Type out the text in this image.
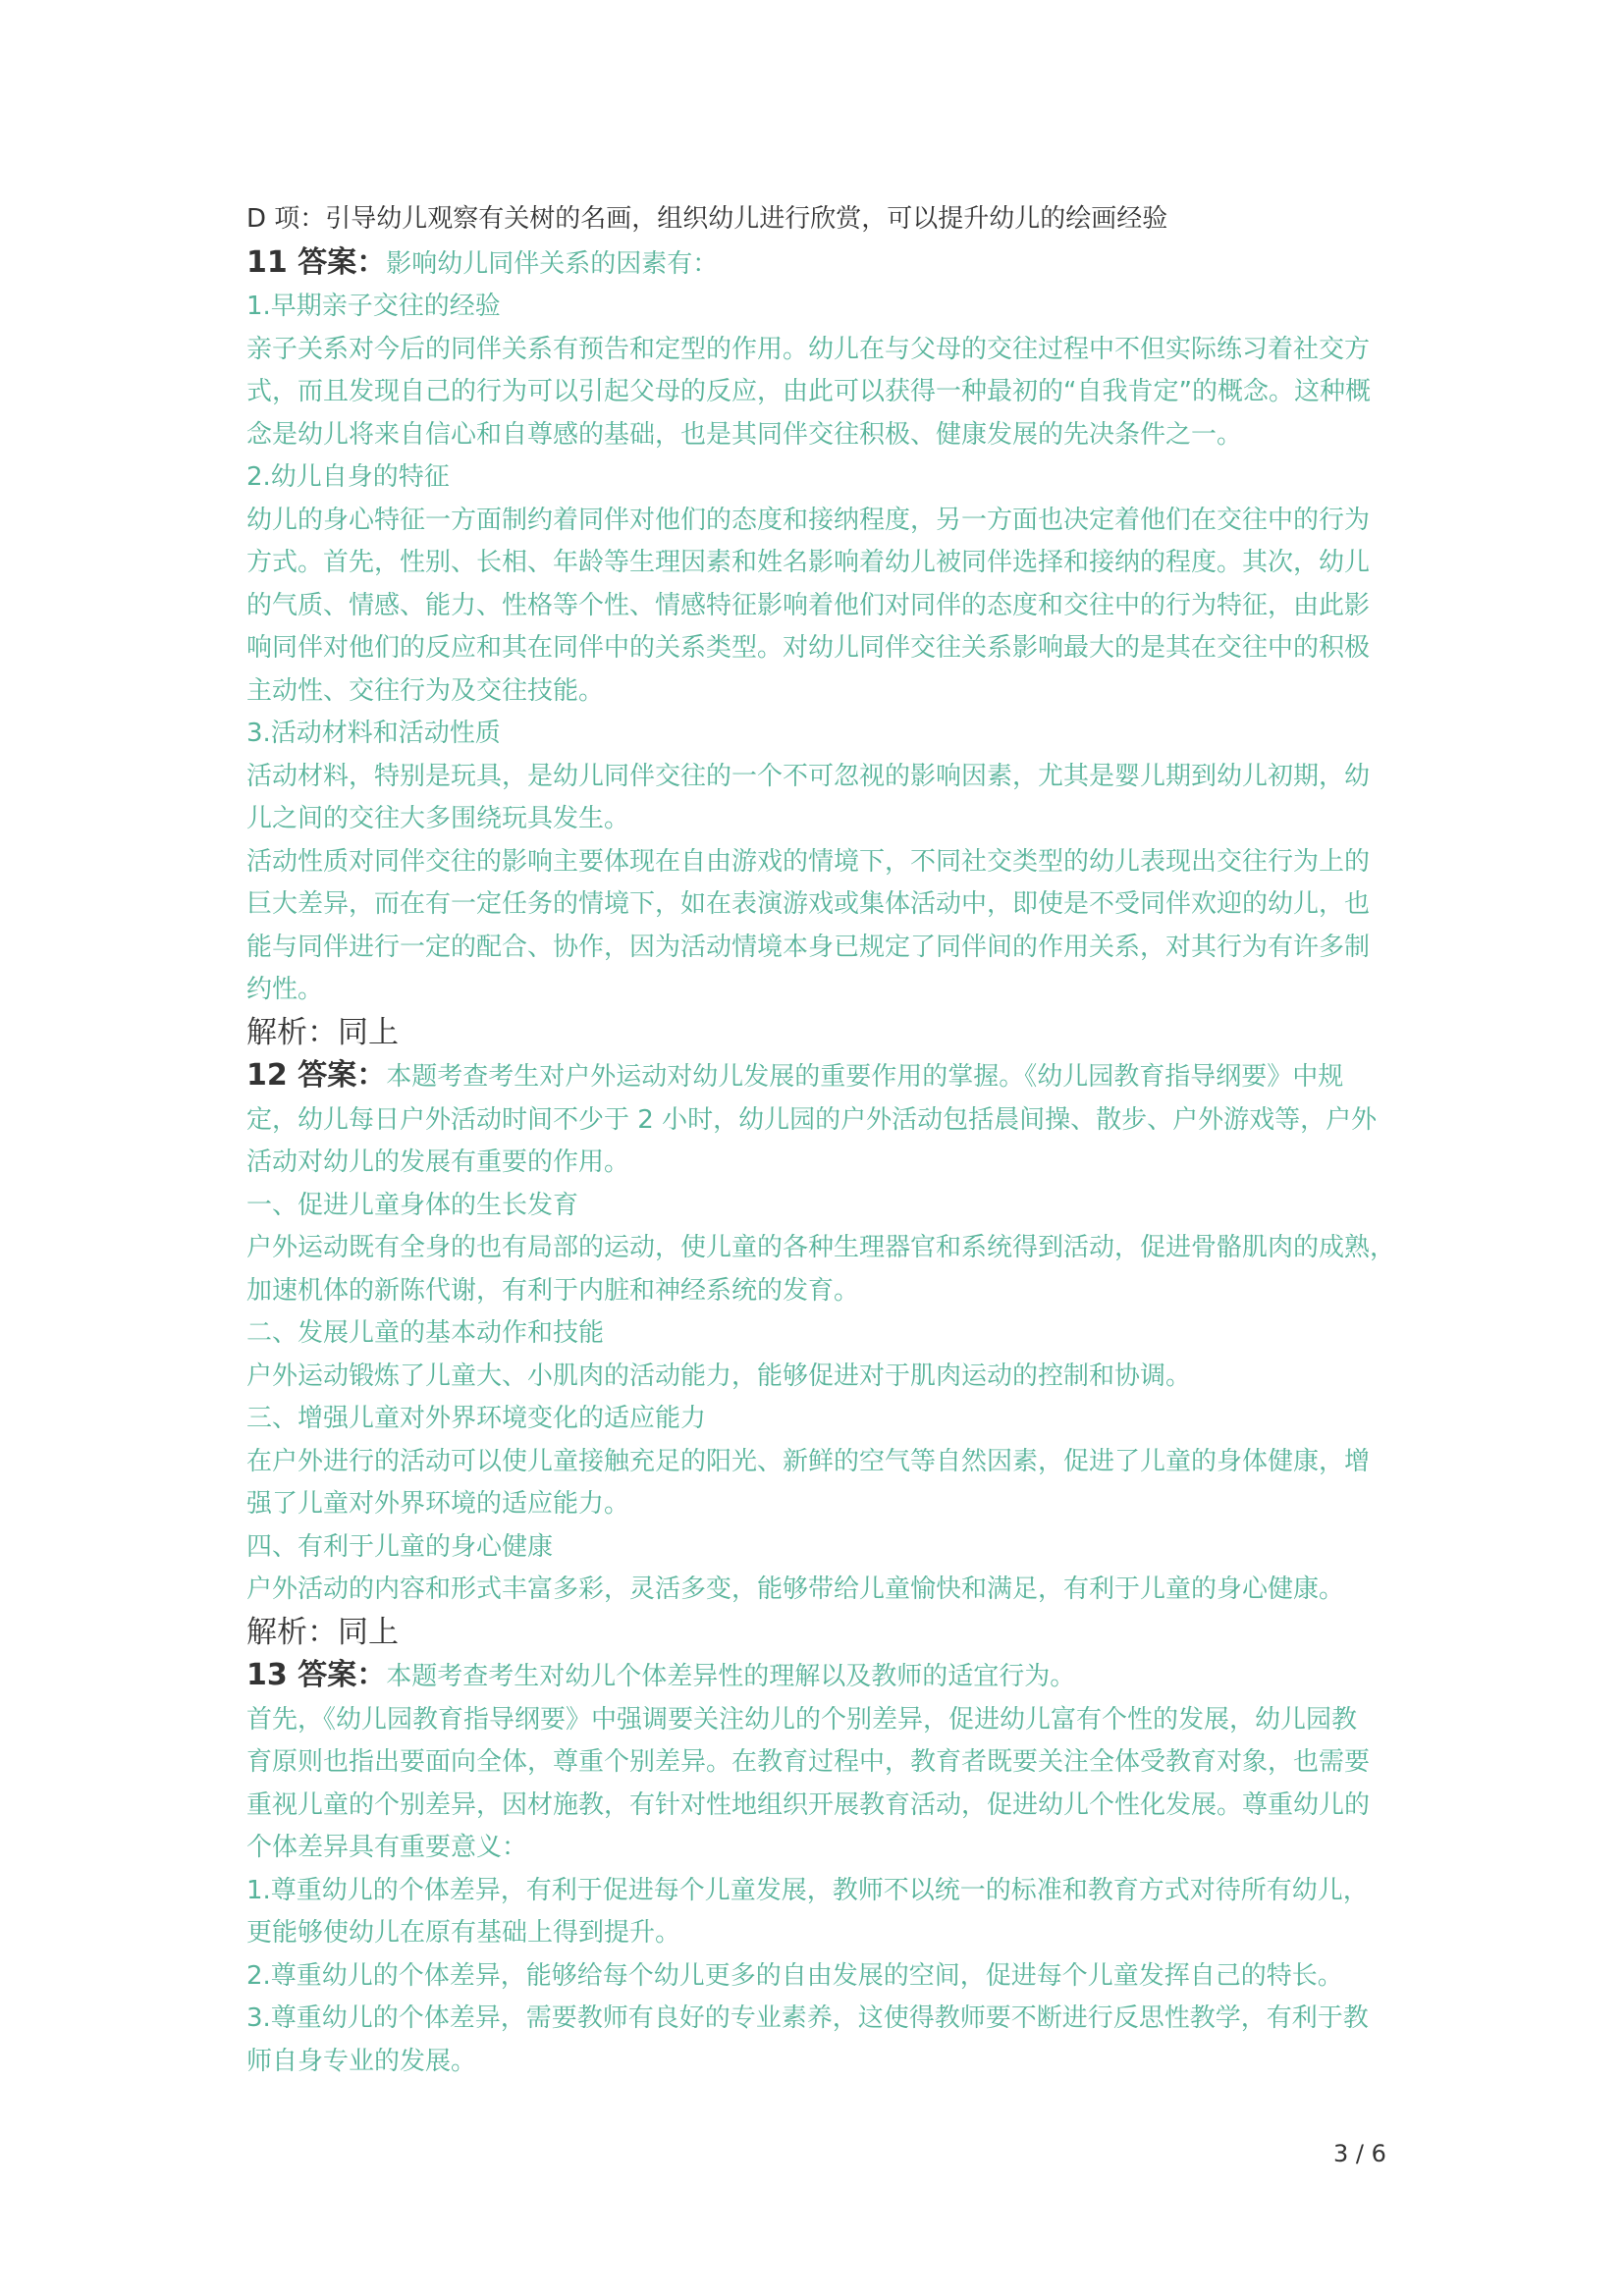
D 项：引导幼儿观察有关树的名画，组织幼儿进行欣赏，可以提升幼儿的绘画经验

11 答案：影响幼儿同伴关系的因素有：

1.早期亲子交往的经验

亲子关系对今后的同伴关系有预告和定型的作用。幼儿在与父母的交往过程中不但实际练习着社交方

式，而且发现自己的行为可以引起父母的反应，由此可以获得一种最初的“自我肯定”的概念。这种概

念是幼儿将来自信心和自尊感的基础，也是其同伴交往积极、健康发展的先决条件之一。

2.幼儿自身的特征

幼儿的身心特征一方面制约着同伴对他们的态度和接纳程度，另一方面也决定着他们在交往中的行为

方式。首先，性别、长相、年龄等生理因素和姓名影响着幼儿被同伴选择和接纳的程度。其次，幼儿

的气质、情感、能力、性格等个性、情感特征影响着他们对同伴的态度和交往中的行为特征，由此影

响同伴对他们的反应和其在同伴中的关系类型。对幼儿同伴交往关系影响最大的是其在交往中的积极

主动性、交往行为及交往技能。

3.活动材料和活动性质

活动材料，特别是玩具，是幼儿同伴交往的一个不可忽视的影响因素，尤其是婴儿期到幼儿初期，幼

儿之间的交往大多围绕玩具发生。

活动性质对同伴交往的影响主要体现在自由游戏的情境下，不同社交类型的幼儿表现出交往行为上的

巨大差异，而在有一定任务的情境下，如在表演游戏或集体活动中，即使是不受同伴欢迎的幼儿，也

能与同伴进行一定的配合、协作，因为活动情境本身已规定了同伴间的作用关系，对其行为有许多制

约性。

解析：同上

12 答案：本题考查考生对户外运动对幼儿发展的重要作用的掌握。《幼儿园教育指导纲要》中规

定，幼儿每日户外活动时间不少于 2 小时，幼儿园的户外活动包括晨间操、散步、户外游戏等，户外

活动对幼儿的发展有重要的作用。

一、促进儿童身体的生长发育

户外运动既有全身的也有局部的运动，使儿童的各种生理器官和系统得到活动，促进骨骼肌肉的成熟，

加速机体的新陈代谢，有利于内脏和神经系统的发育。

二、发展儿童的基本动作和技能

户外运动锻炼了儿童大、小肌肉的活动能力，能够促进对于肌肉运动的控制和协调。

三、增强儿童对外界环境变化的适应能力

在户外进行的活动可以使儿童接触充足的阳光、新鲜的空气等自然因素，促进了儿童的身体健康，增

强了儿童对外界环境的适应能力。

四、有利于儿童的身心健康

户外活动的内容和形式丰富多彩，灵活多变，能够带给儿童愉快和满足，有利于儿童的身心健康。

解析：同上

13 答案：本题考查考生对幼儿个体差异性的理解以及教师的适宜行为。

首先，《幼儿园教育指导纲要》中强调要关注幼儿的个别差异，促进幼儿富有个性的发展，幼儿园教

育原则也指出要面向全体，尊重个别差异。在教育过程中，教育者既要关注全体受教育对象，也需要

重视儿童的个别差异，因材施教，有针对性地组织开展教育活动，促进幼儿个性化发展。尊重幼儿的

个体差异具有重要意义：

1.尊重幼儿的个体差异，有利于促进每个儿童发展，教师不以统一的标准和教育方式对待所有幼儿，

更能够使幼儿在原有基础上得到提升。

2.尊重幼儿的个体差异，能够给每个幼儿更多的自由发展的空间，促进每个儿童发挥自己的特长。

3.尊重幼儿的个体差异，需要教师有良好的专业素养，这使得教师要不断进行反思性教学，有利于教

师自身专业的发展。

3 / 6
